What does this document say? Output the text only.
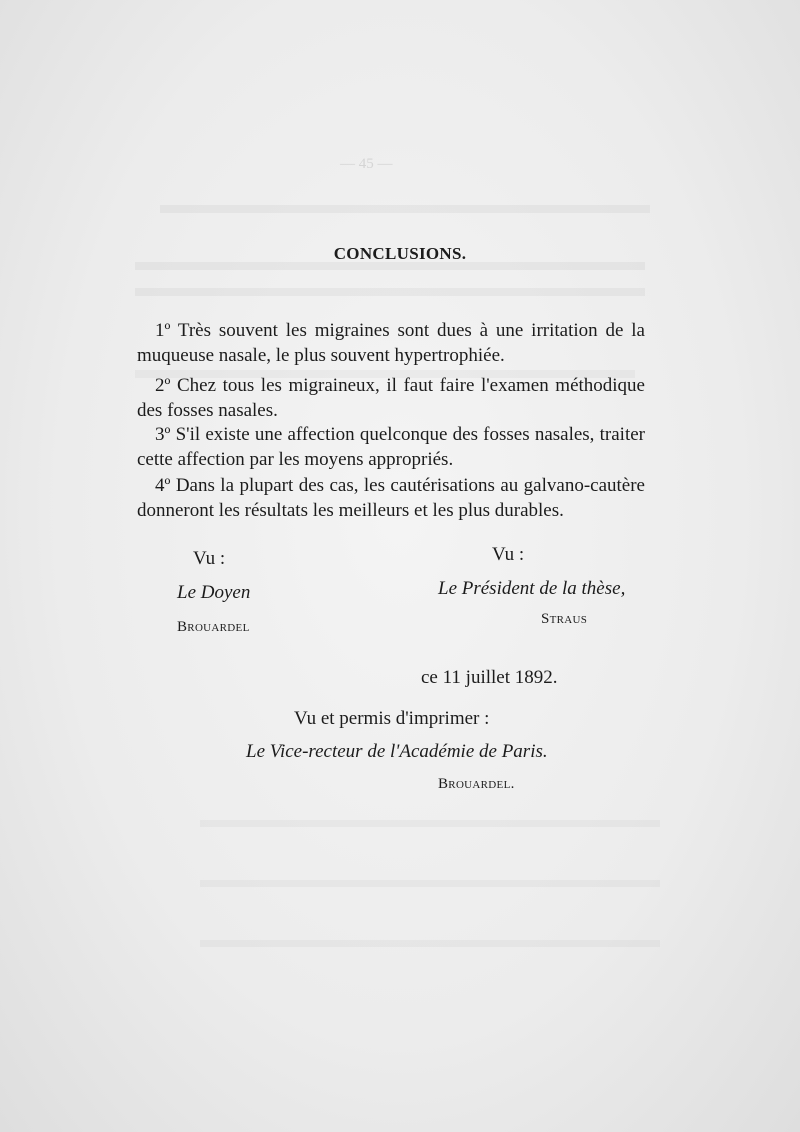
— 45 —
CONCLUSIONS.

1º Très souvent les migraines sont dues à une irritation de la muqueuse nasale, le plus souvent hypertrophiée.

2º Chez tous les migraineux, il faut faire l'examen méthodique des fosses nasales.

3º S'il existe une affection quelconque des fosses nasales, traiter cette affection par les moyens appropriés.

4º Dans la plupart des cas, les cautérisations au galvano-cautère donneront les résultats les meilleurs et les plus durables.

Vu :
Le Doyen
Brouardel
Vu :
Le Président de la thèse,
Straus
ce 11 juillet 1892.
Vu et permis d'imprimer :
Le Vice-recteur de l'Académie de Paris.
Brouardel.
